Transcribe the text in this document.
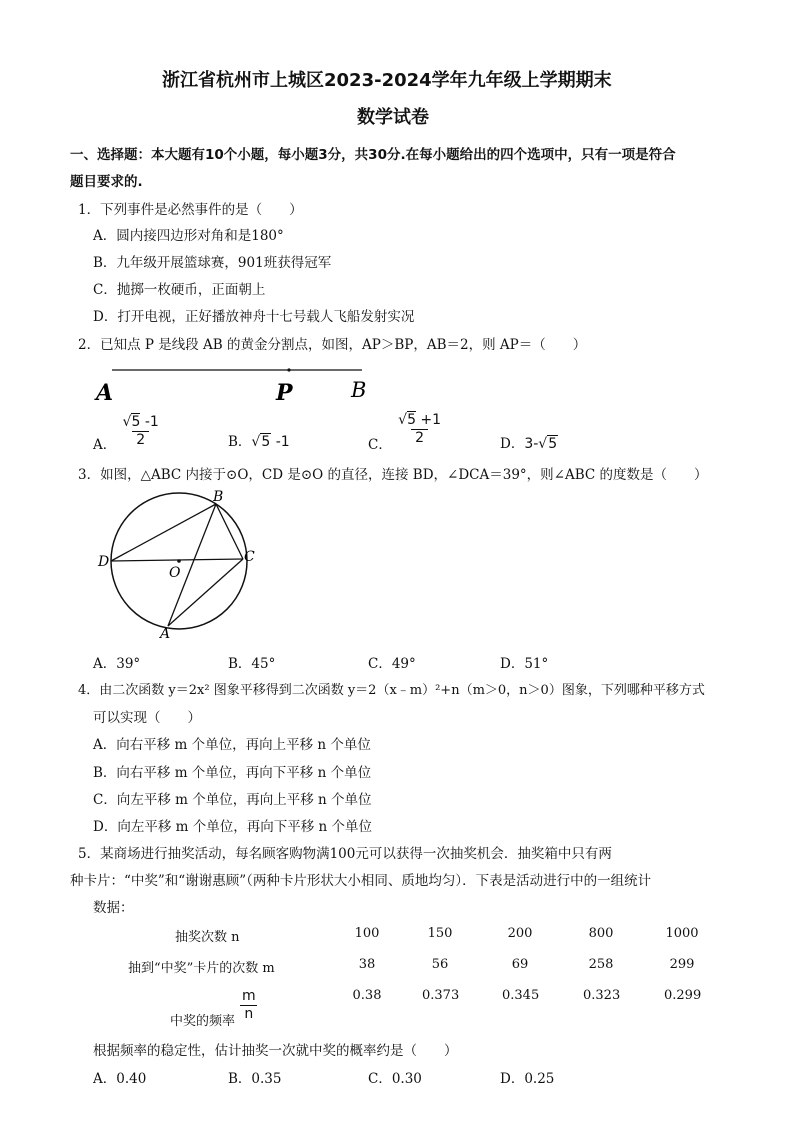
浙江省杭州市上城区2023-2024学年九年级上学期期末
数学试卷
一、选择题：本大题有10个小题，每小题3分，共30分.在每小题给出的四个选项中，只有一项是符合
题目要求的.
1．下列事件是必然事件的是（　　）
A．圆内接四边形对角和是180°
B．九年级开展篮球赛，901班获得冠军
C．抛掷一枚硬币，正面朝上
D．打开电视，正好播放神舟十七号载人飞船发射实况
2．已知点 P 是线段 AB 的黄金分割点，如图，AP＞BP，AB＝2，则 AP＝（　　）
A	P	B
A． $\frac{√5 -1}{2}$	B．√5 -1	C． $\frac{√5 +1}{2}$	D．3-√5
3．如图，△ABC 内接于⊙O，CD 是⊙O 的直径，连接 BD，∠DCA＝39°，则∠ABC 的度数是（　　）
B
D
O
C
A
A．39°	B．45°	C．49°	D．51°
4．由二次函数 y＝2x² 图象平移得到二次函数 y＝2（x﹣m）²+n（m＞0，n＞0）图象，下列哪种平移方式
可以实现（　　）
A．向右平移 m 个单位，再向上平移 n 个单位
B．向右平移 m 个单位，再向下平移 n 个单位
C．向左平移 m 个单位，再向上平移 n 个单位
D．向左平移 m 个单位，再向下平移 n 个单位
5．某商场进行抽奖活动，每名顾客购物满100元可以获得一次抽奖机会．抽奖箱中只有两
种卡片：“中奖”和“谢谢惠顾”（两种卡片形状大小相同、质地均匀）．下表是活动进行中的一组统计
数据：
抽奖次数 n	100	150	200	800	1000
抽到“中奖”卡片的次数 m	38	56	69	258	299
中奖的频率 $\frac{m}{n}$	0.38	0.373	0.345	0.323	0.299
根据频率的稳定性，估计抽奖一次就中奖的概率约是（　　）
A．0.40	B．0.35	C．0.30	D．0.25
